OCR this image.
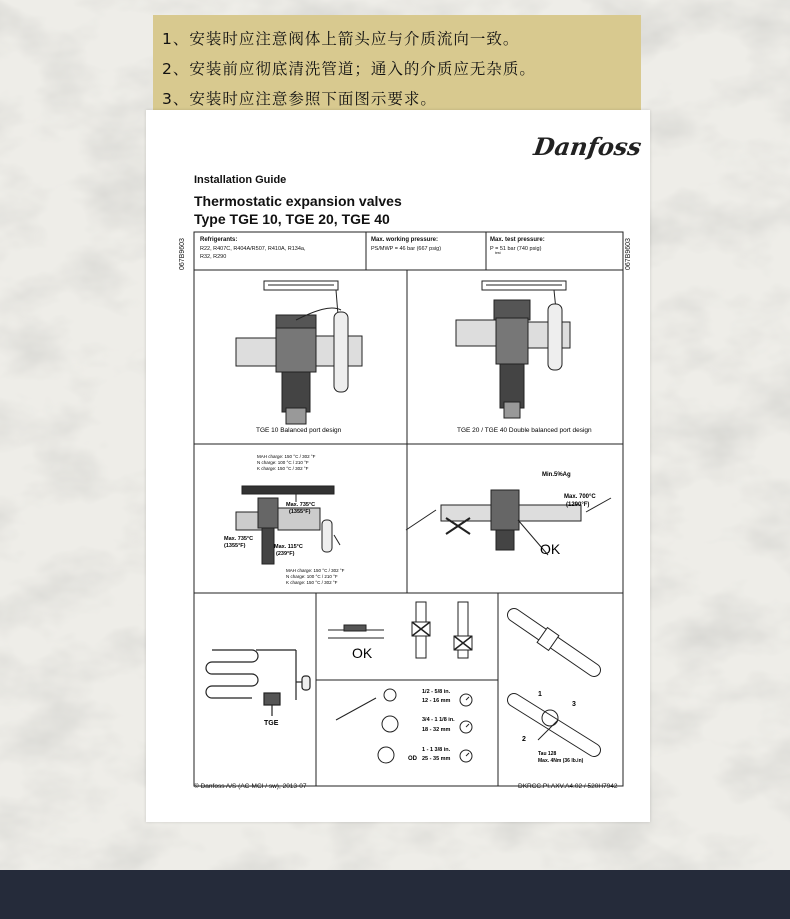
1、安装时应注意阀体上箭头应与介质流向一致。
2、安装前应彻底清洗管道；通入的介质应无杂质。
3、安装时应注意参照下面图示要求。
Danfoss
Installation Guide
Thermostatic expansion valves
Type TGE 10, TGE 20, TGE 40
067B9603	067B9603
TGE 10 Balanced port design	TGE 20 / TGE 40 Double balanced port design
MAH charge: 150 °C / 302 °F
N charge: 100 °C / 210 °F
K charge: 150 °C / 302 °F
Max. 735°C
(1355°F)
Max. 735°C
(1355°F)	Max. 115°C
(239°F)
MAH charge: 150 °C / 302 °F
N charge: 100 °C / 210 °F
K charge: 150 °C / 302 °F
Min.5%Ag
Max. 700°C
(1290°F)
OK
TGE
OK
1/2 - 5/8 in.
12 - 16 mm
3/4 - 1 1/8 in.
18 - 32 mm
1 - 1 3/8 in.
25 - 35 mm
OD
1
2
3
Tau 128
Max. 4Nm (36 lb.in)
Refrigerants:
R22, R407C, R404A/R507, R410A, R134a,
R32, R290
Max. working pressure:
PS/MWP = 46 bar (667 psig)
Max. test pressure:
P = 51 bar (740 psig)
test
© Danfoss A/S (AC-MCI / sw), 2013-07	DKRCC.PI.AXV.A4.02 / 520H7942
